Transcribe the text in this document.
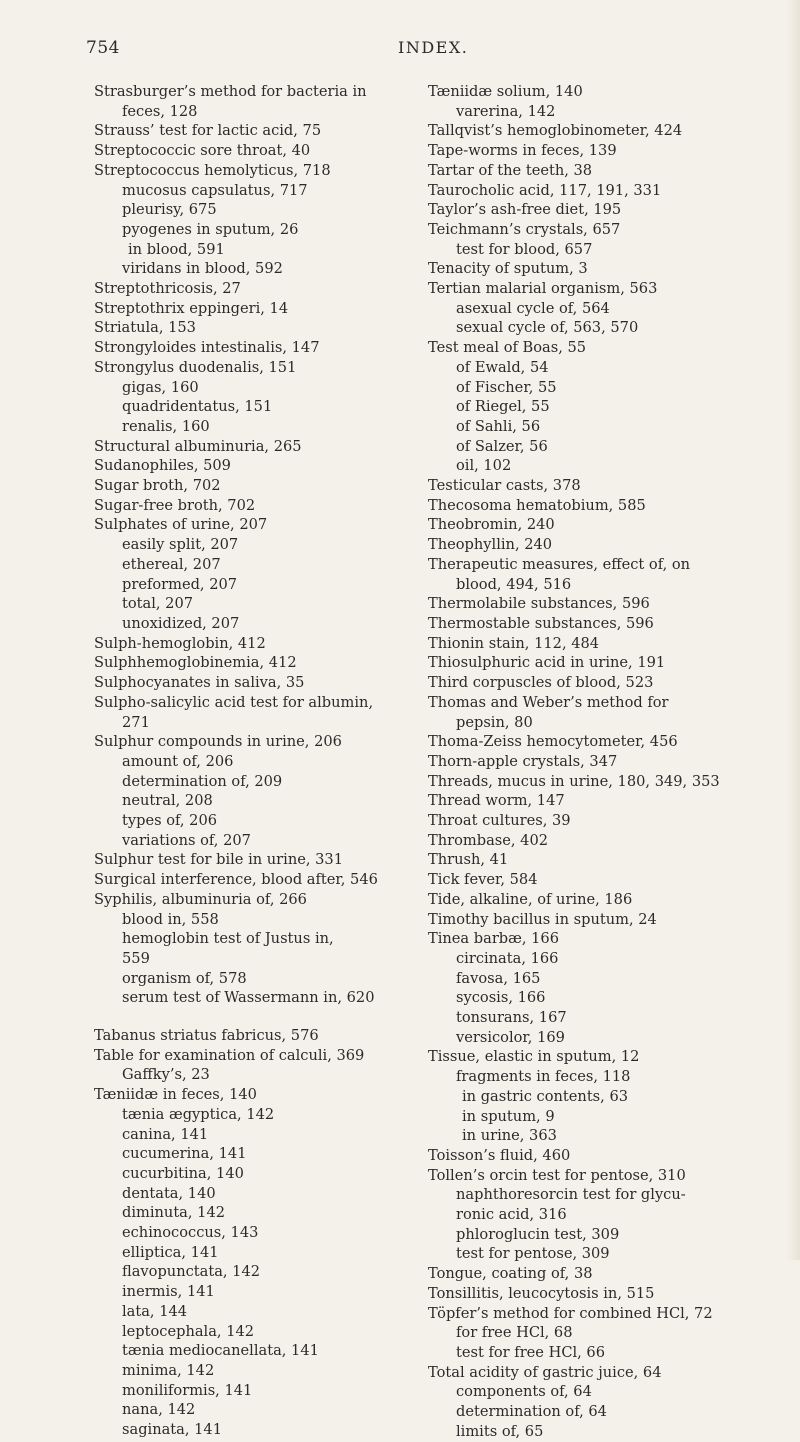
754	INDEX.
Strasburger’s method for bacteria in
feces, 128
Strauss’ test for lactic acid, 75
Streptococcic sore throat, 40
Streptococcus hemolyticus, 718
mucosus capsulatus, 717
pleurisy, 675
pyogenes in sputum, 26
in blood, 591
viridans in blood, 592
Streptothricosis, 27
Streptothrix eppingeri, 14
Striatula, 153
Strongyloides intestinalis, 147
Strongylus duodenalis, 151
gigas, 160
quadridentatus, 151
renalis, 160
Structural albuminuria, 265
Sudanophiles, 509
Sugar broth, 702
Sugar-free broth, 702
Sulphates of urine, 207
easily split, 207
ethereal, 207
preformed, 207
total, 207
unoxidized, 207
Sulph-hemoglobin, 412
Sulphhemoglobinemia, 412
Sulphocyanates in saliva, 35
Sulpho-salicylic acid test for albumin,
271
Sulphur compounds in urine, 206
amount of, 206
determination of, 209
neutral, 208
types of, 206
variations of, 207
Sulphur test for bile in urine, 331
Surgical interference, blood after, 546
Syphilis, albuminuria of, 266
blood in, 558
hemoglobin test of Justus in,
559
organism of, 578
serum test of Wassermann in, 620
Tabanus striatus fabricus, 576
Table for examination of calculi, 369
Gaffky’s, 23
Tæniidæ in feces, 140
tænia ægyptica, 142
canina, 141
cucumerina, 141
cucurbitina, 140
dentata, 140
diminuta, 142
echinococcus, 143
elliptica, 141
flavopunctata, 142
inermis, 141
lata, 144
leptocephala, 142
tænia mediocanellata, 141
minima, 142
moniliformis, 141
nana, 142
saginata, 141
Tæniidæ solium, 140
varerina, 142
Tallqvist’s hemoglobinometer, 424
Tape-worms in feces, 139
Tartar of the teeth, 38
Taurocholic acid, 117, 191, 331
Taylor’s ash-free diet, 195
Teichmann’s crystals, 657
test for blood, 657
Tenacity of sputum, 3
Tertian malarial organism, 563
asexual cycle of, 564
sexual cycle of, 563, 570
Test meal of Boas, 55
of Ewald, 54
of Fischer, 55
of Riegel, 55
of Sahli, 56
of Salzer, 56
oil, 102
Testicular casts, 378
Thecosoma hematobium, 585
Theobromin, 240
Theophyllin, 240
Therapeutic measures, effect of, on
blood, 494, 516
Thermolabile substances, 596
Thermostable substances, 596
Thionin stain, 112, 484
Thiosulphuric acid in urine, 191
Third corpuscles of blood, 523
Thomas and Weber’s method for
pepsin, 80
Thoma-Zeiss hemocytometer, 456
Thorn-apple crystals, 347
Threads, mucus in urine, 180, 349, 353
Thread worm, 147
Throat cultures, 39
Thrombase, 402
Thrush, 41
Tick fever, 584
Tide, alkaline, of urine, 186
Timothy bacillus in sputum, 24
Tinea barbæ, 166
circinata, 166
favosa, 165
sycosis, 166
tonsurans, 167
versicolor, 169
Tissue, elastic in sputum, 12
fragments in feces, 118
in gastric contents, 63
in sputum, 9
in urine, 363
Toisson’s fluid, 460
Tollen’s orcin test for pentose, 310
naphthoresorcin test for glycu-
ronic acid, 316
phloroglucin test, 309
test for pentose, 309
Tongue, coating of, 38
Tonsillitis, leucocytosis in, 515
Töpfer’s method for combined HCl, 72
for free HCl, 68
test for free HCl, 66
Total acidity of gastric juice, 64
components of, 64
determination of, 64
limits of, 65
